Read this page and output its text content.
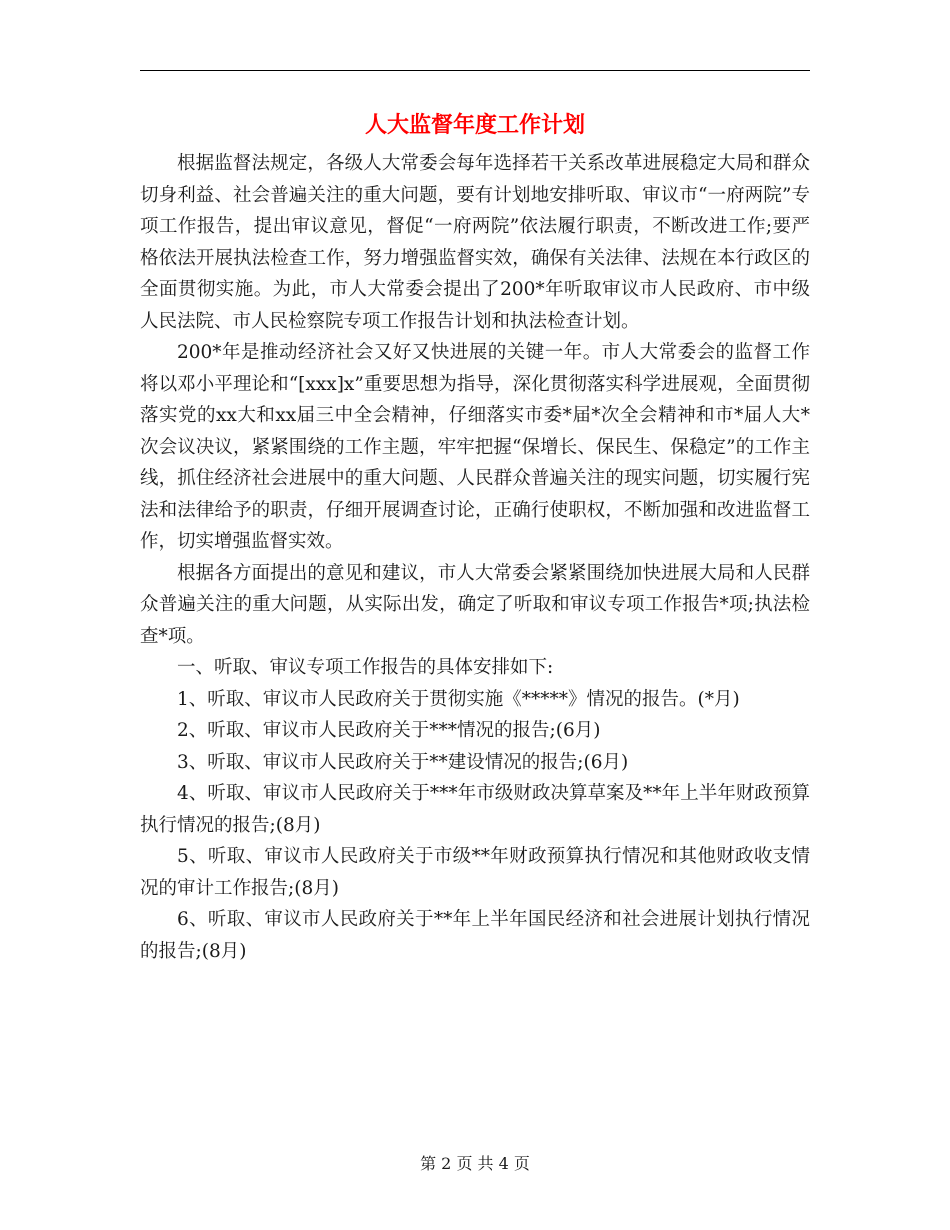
人大监督年度工作计划

根据监督法规定，各级人大常委会每年选择若干关系改革进展稳定大局和群众切身利益、社会普遍关注的重大问题，要有计划地安排听取、审议市“一府两院”专项工作报告，提出审议意见，督促“一府两院”依法履行职责，不断改进工作;要严格依法开展执法检查工作，努力增强监督实效，确保有关法律、法规在本行政区的全面贯彻实施。为此，市人大常委会提出了200*年听取审议市人民政府、市中级人民法院、市人民检察院专项工作报告计划和执法检查计划。

200*年是推动经济社会又好又快进展的关键一年。市人大常委会的监督工作将以邓小平理论和“[xxx]x”重要思想为指导，深化贯彻落实科学进展观，全面贯彻落实党的xx大和xx届三中全会精神，仔细落实市委*届*次全会精神和市*届人大*次会议决议，紧紧围绕的工作主题，牢牢把握“保增长、保民生、保稳定”的工作主线，抓住经济社会进展中的重大问题、人民群众普遍关注的现实问题，切实履行宪法和法律给予的职责，仔细开展调查讨论，正确行使职权，不断加强和改进监督工作，切实增强监督实效。

根据各方面提出的意见和建议，市人大常委会紧紧围绕加快进展大局和人民群众普遍关注的重大问题，从实际出发，确定了听取和审议专项工作报告*项;执法检查*项。

一、听取、审议专项工作报告的具体安排如下:

1、听取、审议市人民政府关于贯彻实施《*****》情况的报告。(*月)

2、听取、审议市人民政府关于***情况的报告;(6月)

3、听取、审议市人民政府关于**建设情况的报告;(6月)

4、听取、审议市人民政府关于***年市级财政决算草案及**年上半年财政预算执行情况的报告;(8月)

5、听取、审议市人民政府关于市级**年财政预算执行情况和其他财政收支情况的审计工作报告;(8月)

6、听取、审议市人民政府关于**年上半年国民经济和社会进展计划执行情况的报告;(8月)

第 2 页 共 4 页
